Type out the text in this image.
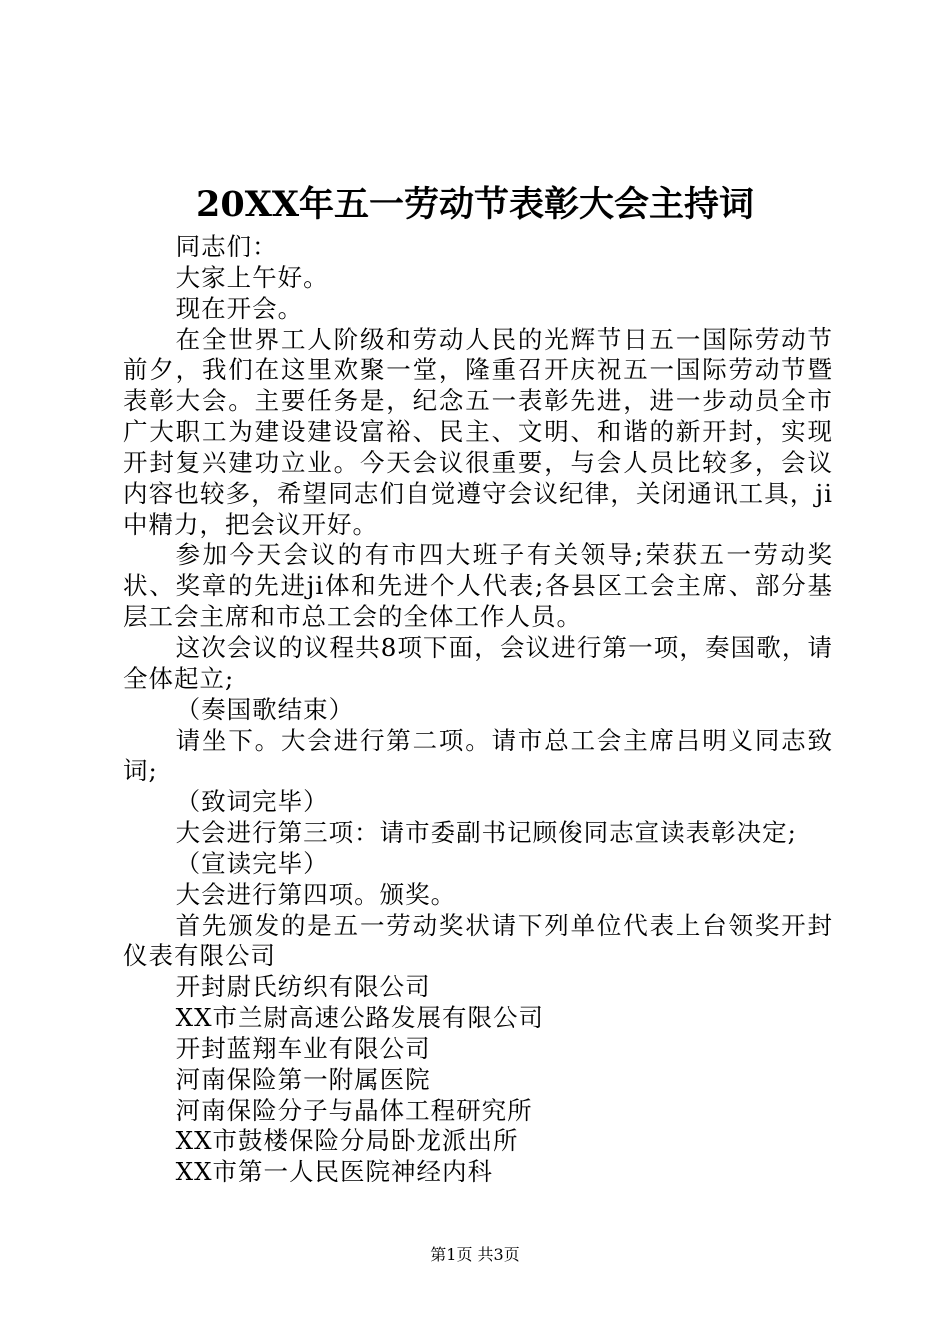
20XX年五一劳动节表彰大会主持词

同志们：

大家上午好。

现在开会。

在全世界工人阶级和劳动人民的光辉节日五一国际劳动节前夕，我们在这里欢聚一堂，隆重召开庆祝五一国际劳动节暨表彰大会。主要任务是，纪念五一表彰先进，进一步动员全市广大职工为建设建设富裕、民主、文明、和谐的新开封，实现开封复兴建功立业。今天会议很重要，与会人员比较多，会议内容也较多，希望同志们自觉遵守会议纪律，关闭通讯工具，ji中精力，把会议开好。

参加今天会议的有市四大班子有关领导;荣获五一劳动奖状、奖章的先进ji体和先进个人代表;各县区工会主席、部分基层工会主席和市总工会的全体工作人员。

这次会议的议程共8项下面，会议进行第一项，奏国歌，请全体起立;

（奏国歌结束）

请坐下。大会进行第二项。请市总工会主席吕明义同志致词;

（致词完毕）

大会进行第三项：请市委副书记顾俊同志宣读表彰决定;

（宣读完毕）

大会进行第四项。颁奖。

首先颁发的是五一劳动奖状请下列单位代表上台领奖开封仪表有限公司

开封尉氏纺织有限公司

XX市兰尉高速公路发展有限公司

开封蓝翔车业有限公司

河南保险第一附属医院

河南保险分子与晶体工程研究所

XX市鼓楼保险分局卧龙派出所

XX市第一人民医院神经内科

第1页 共3页
